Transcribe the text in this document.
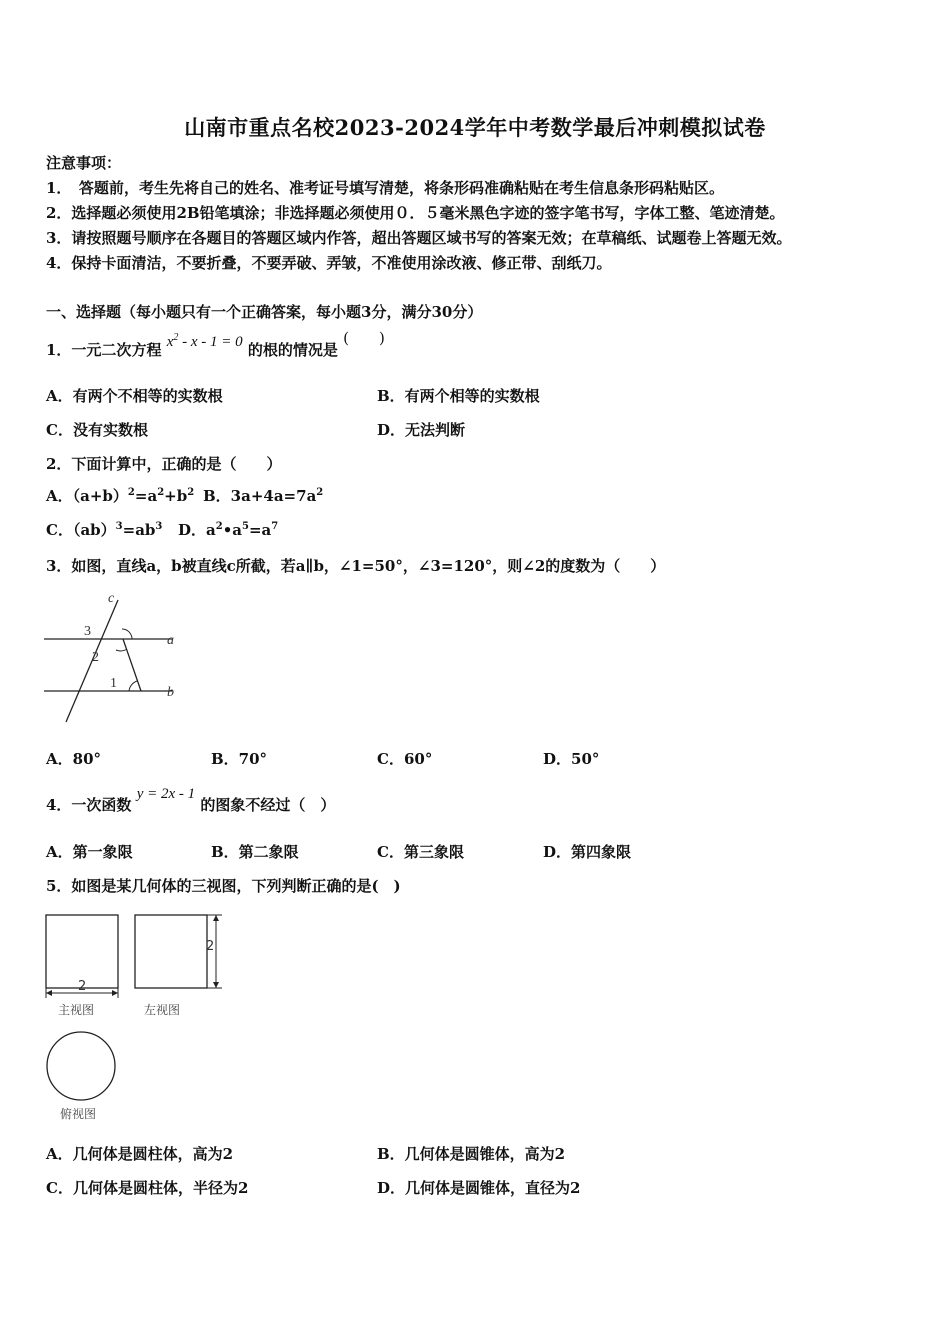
山南市重点名校2023-2024学年中考数学最后冲刺模拟试卷
注意事项：
1．　答题前，考生先将自己的姓名、准考证号填写清楚，将条形码准确粘贴在考生信息条形码粘贴区。
2．选择题必须使用2B铅笔填涂；非选择题必须使用０．５毫米黑色字迹的签字笔书写，字体工整、笔迹清楚。
3．请按照题号顺序在各题目的答题区域内作答，超出答题区域书写的答案无效；在草稿纸、试题卷上答题无效。
4．保持卡面清洁，不要折叠，不要弄破、弄皱，不准使用涂改液、修正带、刮纸刀。
一、选择题（每小题只有一个正确答案，每小题3分，满分30分）
1．一元二次方程 $x^2 - x - 1 = 0$ 的根的情况是 (　　)
A．有两个不相等的实数根	B．有两个相等的实数根
C．没有实数根	D．无法判断
2．下面计算中，正确的是（　　）
A．$(a+b)^2=a^2+b^2$ B．$3a+4a=7a^2$
C．$(ab)^3=ab^3$ D．$a^2•a^5=a^7$
3．如图，直线a，b被直线c所截，若a∥b，∠1=50°，∠3=120°，则∠2的度数为（　　）
c
a
b
3
2
1
A．80°	B．70°	C．60°	D．50°
4．一次函数 y = 2x - 1 的图象不经过（　）
A．第一象限	B．第二象限	C．第三象限	D．第四象限
5．如图是某几何体的三视图，下列判断正确的是(　)
2
主视图
2
左视图
俯视图
A．几何体是圆柱体，高为2	B．几何体是圆锥体，高为2
C．几何体是圆柱体，半径为2	D．几何体是圆锥体，直径为2
